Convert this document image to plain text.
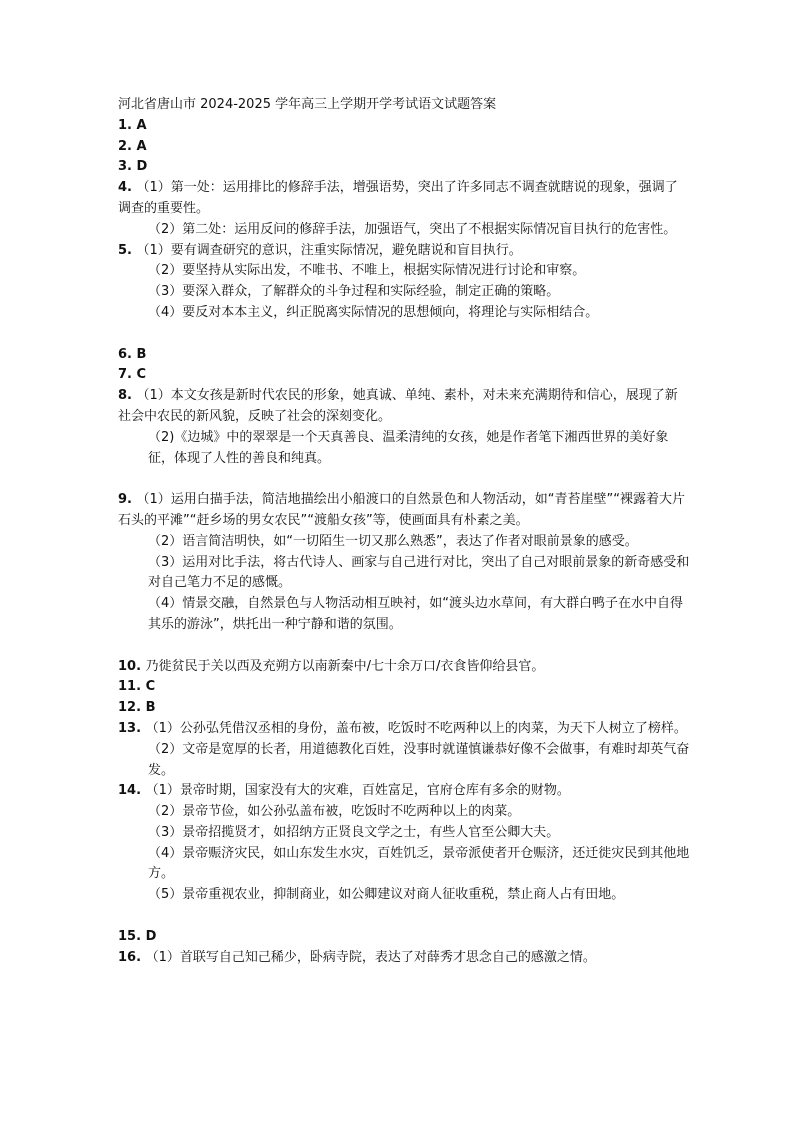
河北省唐山市 2024-2025 学年高三上学期开学考试语文试题答案
1. A
2. A
3. D
4. （1）第一处：运用排比的修辞手法，增强语势，突出了许多同志不调查就瞎说的现象，强调了调查的重要性。
（2）第二处：运用反问的修辞手法，加强语气，突出了不根据实际情况盲目执行的危害性。
5. （1）要有调查研究的意识，注重实际情况，避免瞎说和盲目执行。
（2）要坚持从实际出发，不唯书、不唯上，根据实际情况进行讨论和审察。
（3）要深入群众，了解群众的斗争过程和实际经验，制定正确的策略。
（4）要反对本本主义，纠正脱离实际情况的思想倾向，将理论与实际相结合。
6. B
7. C
8. （1）本文女孩是新时代农民的形象，她真诚、单纯、素朴，对未来充满期待和信心，展现了新社会中农民的新风貌，反映了社会的深刻变化。
（2)《边城》中的翠翠是一个天真善良、温柔清纯的女孩，她是作者笔下湘西世界的美好象征，体现了人性的善良和纯真。
9. （1）运用白描手法，简洁地描绘出小船渡口的自然景色和人物活动，如“青苔崖壁”“裸露着大片石头的平滩”“赶乡场的男女农民”“渡船女孩”等，使画面具有朴素之美。
（2）语言简洁明快，如“一切陌生一切又那么熟悉”，表达了作者对眼前景象的感受。
（3）运用对比手法，将古代诗人、画家与自己进行对比，突出了自己对眼前景象的新奇感受和对自己笔力不足的感慨。
（4）情景交融，自然景色与人物活动相互映衬，如“渡头边水草间，有大群白鸭子在水中自得其乐的游泳”，烘托出一种宁静和谐的氛围。
10. 乃徙贫民于关以西及充朔方以南新秦中/七十余万口/衣食皆仰给县官。
11. C
12. B
13. （1）公孙弘凭借汉丞相的身份，盖布被，吃饭时不吃两种以上的肉菜，为天下人树立了榜样。
（2）文帝是宽厚的长者，用道德教化百姓，没事时就谨慎谦恭好像不会做事，有难时却英气奋发。
14. （1）景帝时期，国家没有大的灾难，百姓富足，官府仓库有多余的财物。
（2）景帝节俭，如公孙弘盖布被，吃饭时不吃两种以上的肉菜。
（3）景帝招揽贤才，如招纳方正贤良文学之士，有些人官至公卿大夫。
（4）景帝赈济灾民，如山东发生水灾，百姓饥乏，景帝派使者开仓赈济，还迁徙灾民到其他地方。
（5）景帝重视农业，抑制商业，如公卿建议对商人征收重税，禁止商人占有田地。
15. D
16. （1）首联写自己知己稀少，卧病寺院，表达了对薛秀才思念自己的感激之情。
